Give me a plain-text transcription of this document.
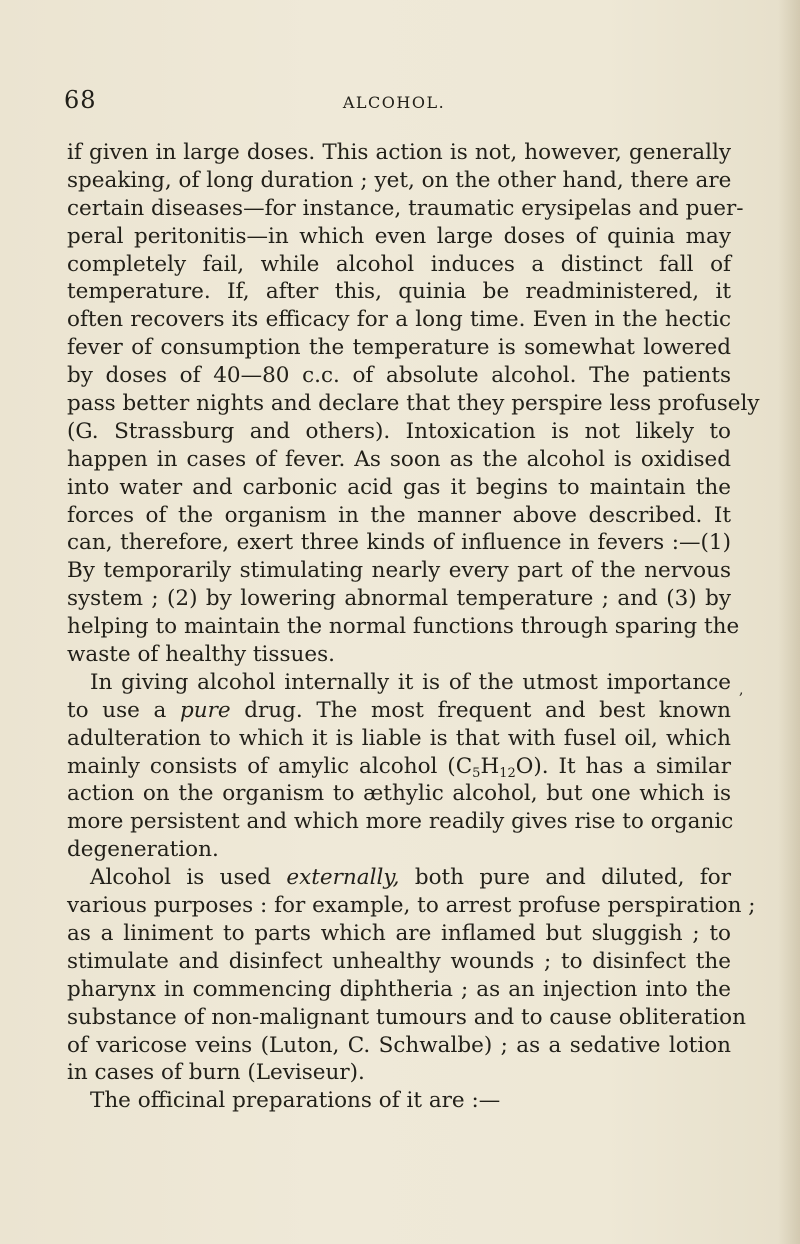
68	ALCOHOL.
if given in large doses. This action is not, however, generally
speaking, of long duration ; yet, on the other hand, there are
certain diseases—for instance, traumatic erysipelas and puer-
peral peritonitis—in which even large doses of quinia may
completely fail, while alcohol induces a distinct fall of
temperature. If, after this, quinia be readministered, it
often recovers its efficacy for a long time. Even in the hectic
fever of consumption the temperature is somewhat lowered
by doses of 40—80 c.c. of absolute alcohol. The patients
pass better nights and declare that they perspire less profusely
(G. Strassburg and others). Intoxication is not likely to
happen in cases of fever. As soon as the alcohol is oxidised
into water and carbonic acid gas it begins to maintain the
forces of the organism in the manner above described. It
can, therefore, exert three kinds of influence in fevers :—(1)
By temporarily stimulating nearly every part of the nervous
system ; (2) by lowering abnormal temperature ; and (3) by
helping to maintain the normal functions through sparing the
waste of healthy tissues.
In giving alcohol internally it is of the utmost importance
to use a pure drug. The most frequent and best known
adulteration to which it is liable is that with fusel oil, which
mainly consists of amylic alcohol $(C_5H_{12}O)$. It has a similar
action on the organism to æthylic alcohol, but one which is
more persistent and which more readily gives rise to organic
degeneration.
Alcohol is used externally, both pure and diluted, for
various purposes : for example, to arrest profuse perspiration ;
as a liniment to parts which are inflamed but sluggish ; to
stimulate and disinfect unhealthy wounds ; to disinfect the
pharynx in commencing diphtheria ; as an injection into the
substance of non-malignant tumours and to cause obliteration
of varicose veins (Luton, C. Schwalbe) ; as a sedative lotion
in cases of burn (Leviseur).
The officinal preparations of it are :—
,
